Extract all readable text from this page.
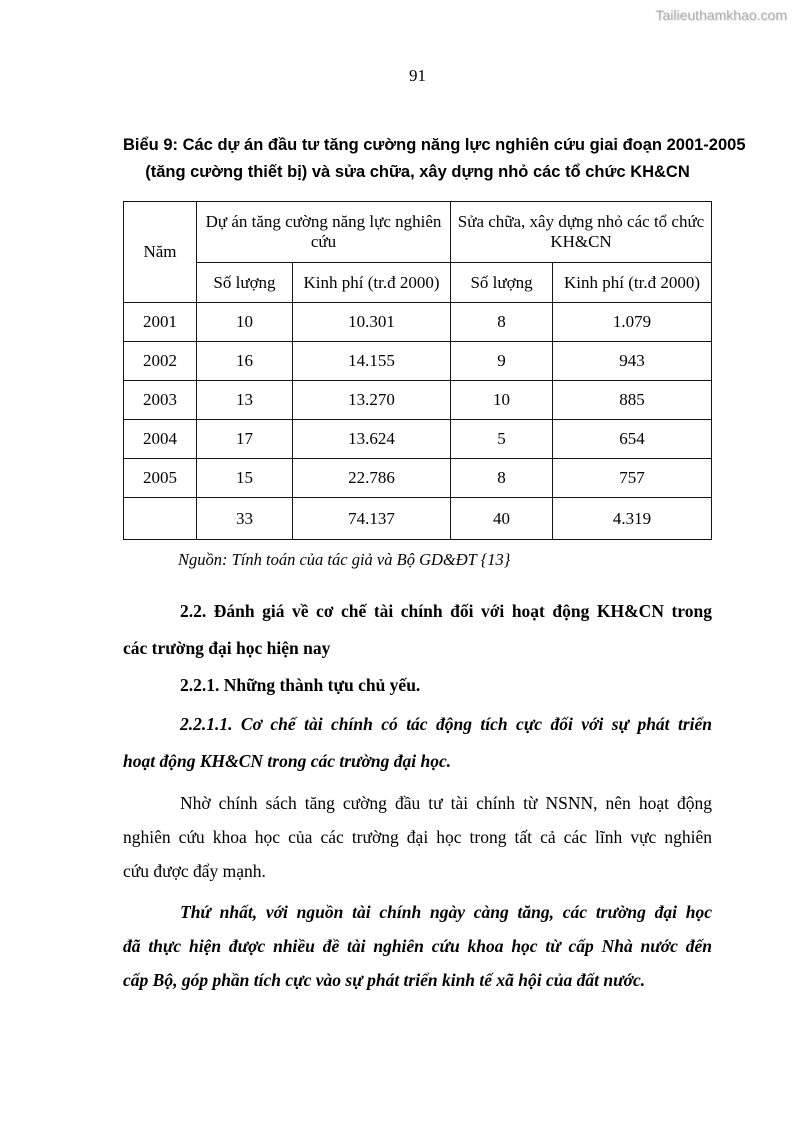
Tailieuthamkhao.com
91
Biểu 9: Các dự án đầu tư tăng cường năng lực nghiên cứu giai đoạn 2001-2005
(tăng cường thiết bị) và sửa chữa, xây dựng nhỏ các tổ chức KH&CN
Năm	Dự án tăng cường năng lực nghiên cứu		Sửa chữa, xây dựng nhỏ các tổ chức KH&CN	
	Số lượng	Kinh phí (tr.đ 2000)	Số lượng	Kinh phí (tr.đ 2000)
2001	10	10.301	8	1.079
2002	16	14.155	9	943
2003	13	13.270	10	885
2004	17	13.624	5	654
2005	15	22.786	8	757
	33	74.137	40	4.319
Nguồn: Tính toán của tác giả và Bộ GD&ĐT {13}
2.2. Đánh giá về cơ chế tài chính đối với hoạt động KH&CN trong
các trường đại học hiện nay
2.2.1. Những thành tựu chủ yếu.
2.2.1.1. Cơ chế tài chính có tác động tích cực đối với sự phát triển
hoạt động KH&CN trong các trường đại học.
Nhờ chính sách tăng cường đầu tư tài chính từ NSNN, nên hoạt động
nghiên cứu khoa học của các trường đại học trong tất cả các lĩnh vực nghiên
cứu được đẩy mạnh.
Thứ nhất, với nguồn tài chính ngày càng tăng, các trường đại học
đã thực hiện được nhiều đề tài nghiên cứu khoa học từ cấp Nhà nước đến
cấp Bộ, góp phần tích cực vào sự phát triển kinh tế xã hội của đất nước.
